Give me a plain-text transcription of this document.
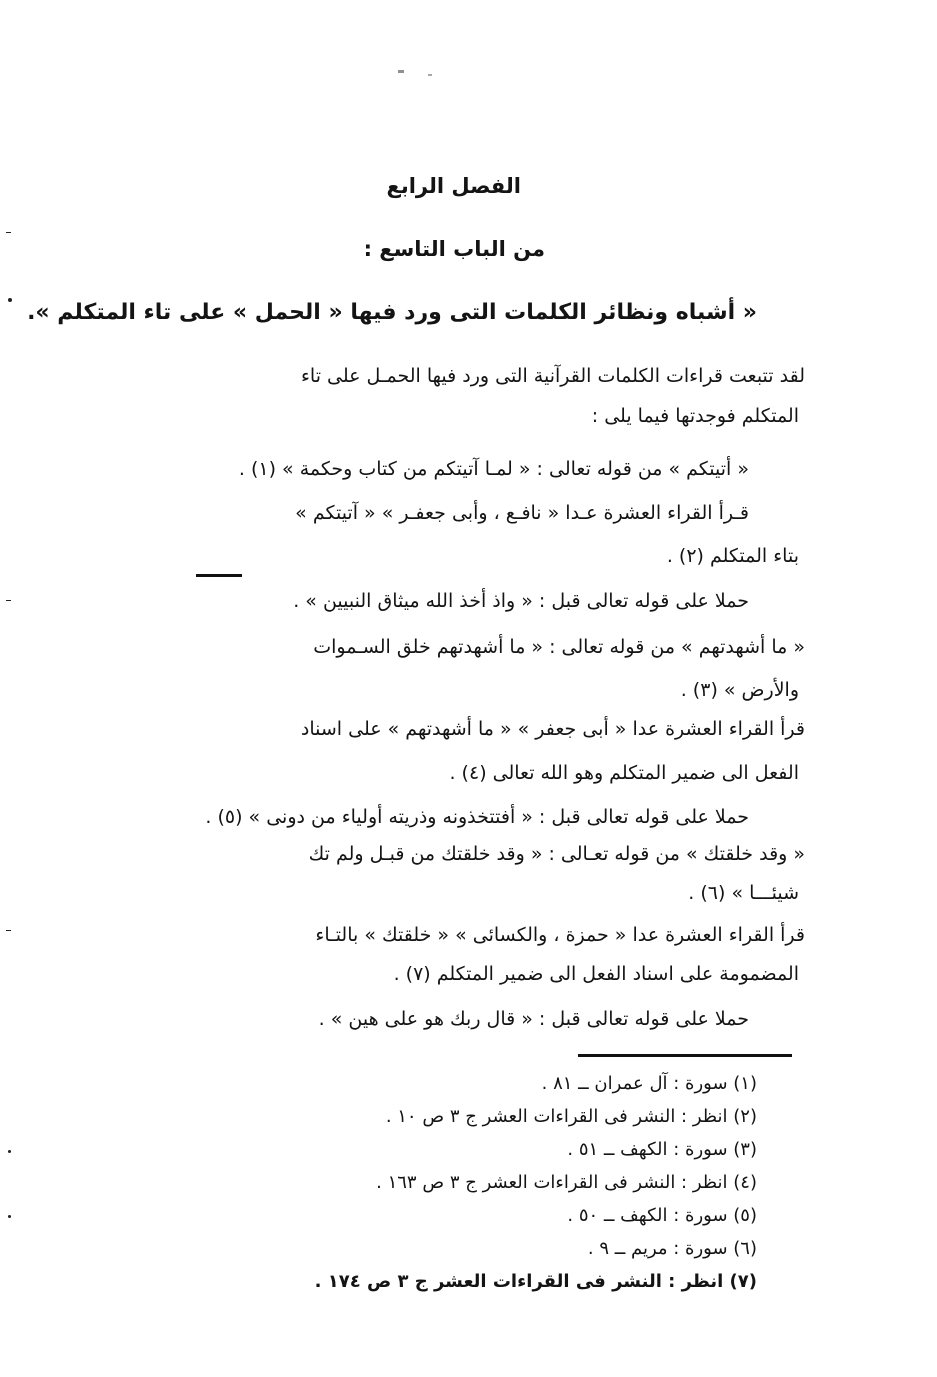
الفصل الرابع
من الباب التاسع :
« أشباه ونظائر الكلمات التى ورد فيها « الحمل » على تاء المتكلم ».
لقد تتبعت قراءات الكلمات القرآنية التى ورد فيها الحمـل على تاء
المتكلم فوجدتها فيما يلى :
« أتيتكم » من قوله تعالى : « لمـا آتيتكم من كتاب وحكمة » (١) .
قـرأ القراء العشرة عـدا « نافـع ، وأبى جعفـر » « آتيتكم »
بتاء المتكلم (٢) .
حملا على قوله تعالى قبل : « واذ أخذ الله ميثاق النبيين » .
« ما أشهدتهم » من قوله تعالى : « ما أشهدتهم خلق السـموات
والأرض » (٣) .
قرأ القراء العشرة عدا « أبى جعفر » « ما أشهدتهم » على اسناد
الفعل الى ضمير المتكلم وهو الله تعالى (٤) .
حملا على قوله تعالى قبل : « أفتتخذونه وذريته أولياء من دونى » (٥) .
« وقد خلقتك » من قوله تعـالى : « وقد خلقتك من قبـل ولم تك
شيئـــا » (٦) .
قرأ القراء العشرة عدا « حمزة ، والكسائى » « خلقتك » بالتـاء
المضمومة على اسناد الفعل الى ضمير المتكلم (٧) .
حملا على قوله تعالى قبل : « قال ربك هو على هين » .
(١) سورة : آل عمران ــ ٨١ .
(٢) انظر : النشر فى القراءات العشر ج ٣ ص ١٠ .
(٣) سورة : الكهف ــ ٥١ .
(٤) انظر : النشر فى القراءات العشر ج ٣ ص ١٦٣ .
(٥) سورة : الكهف ــ ٥٠ .
(٦) سورة : مريم ــ ٩ .
(٧) انظر : النشر فى القراءات العشر ج ٣ ص ١٧٤ .
